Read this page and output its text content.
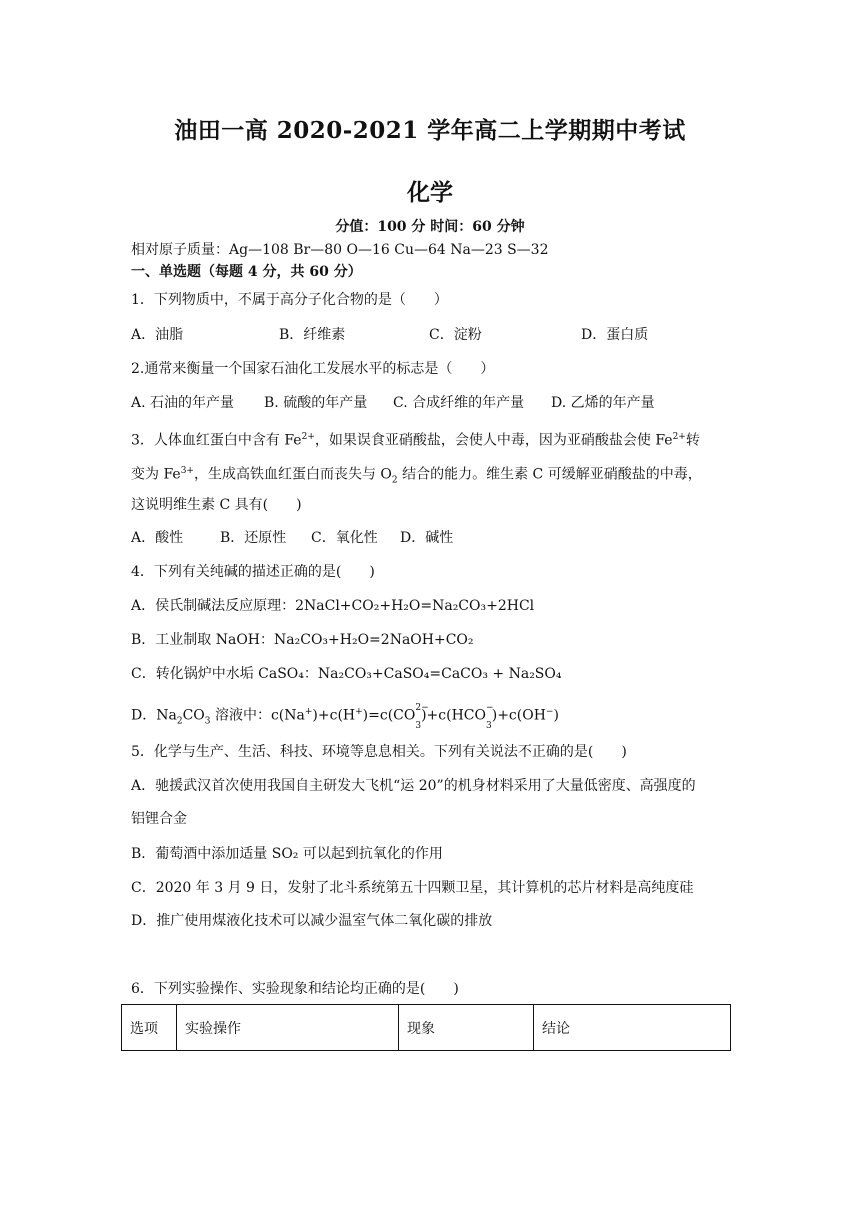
油田一高 2020-2021 学年高二上学期期中考试
化学
分值：100 分 时间：60 分钟
相对原子质量：Ag—108 Br—80 O—16 Cu—64 Na—23 S—32
一、单选题（每题 4 分，共 60 分）
1．下列物质中，不属于高分子化合物的是（　　）
A．油脂	B．纤维素	C．淀粉	D．蛋白质
2.通常来衡量一个国家石油化工发展水平的标志是（　　）
A. 石油的年产量 B. 硫酸的年产量 C. 合成纤维的年产量 D. 乙烯的年产量
3．人体血红蛋白中含有 $Fe^{2+}$，如果误食亚硝酸盐，会使人中毒，因为亚硝酸盐会使 $Fe^{2+}$转
变为 $Fe^{3+}$，生成高铁血红蛋白而丧失与 $O_2$ 结合的能力。维生素 C 可缓解亚硝酸盐的中毒，
这说明维生素 C 具有(　　)
A．酸性	B．还原性 C．氧化性 D．碱性
4．下列有关纯碱的描述正确的是(　　)
A．侯氏制碱法反应原理：2NaCl+CO₂+H₂O=Na₂CO₃+2HCl
B．工业制取 NaOH：Na₂CO₃+H₂O=2NaOH+CO₂
C．转化锅炉中水垢 CaSO₄：Na₂CO₃+CaSO₄=CaCO₃ + Na₂SO₄
D．$Na_2CO_3$ 溶液中：c(Na+)+c(H+)=c(CO 2−
$_3$)+c(HCO −
$_3$)+c(OH−)
5．化学与生产、生活、科技、环境等息息相关。下列有关说法不正确的是(　　)
A．驰援武汉首次使用我国自主研发大飞机“运 20”的机身材料采用了大量低密度、高强度的
铝锂合金
B．葡萄酒中添加适量 SO₂ 可以起到抗氧化的作用
C．2020 年 3 月 9 日，发射了北斗系统第五十四颗卫星，其计算机的芯片材料是高纯度硅
D．推广使用煤液化技术可以减少温室气体二氧化碳的排放
6．下列实验操作、实验现象和结论均正确的是(　　)
选项	实验操作	现象	结论
